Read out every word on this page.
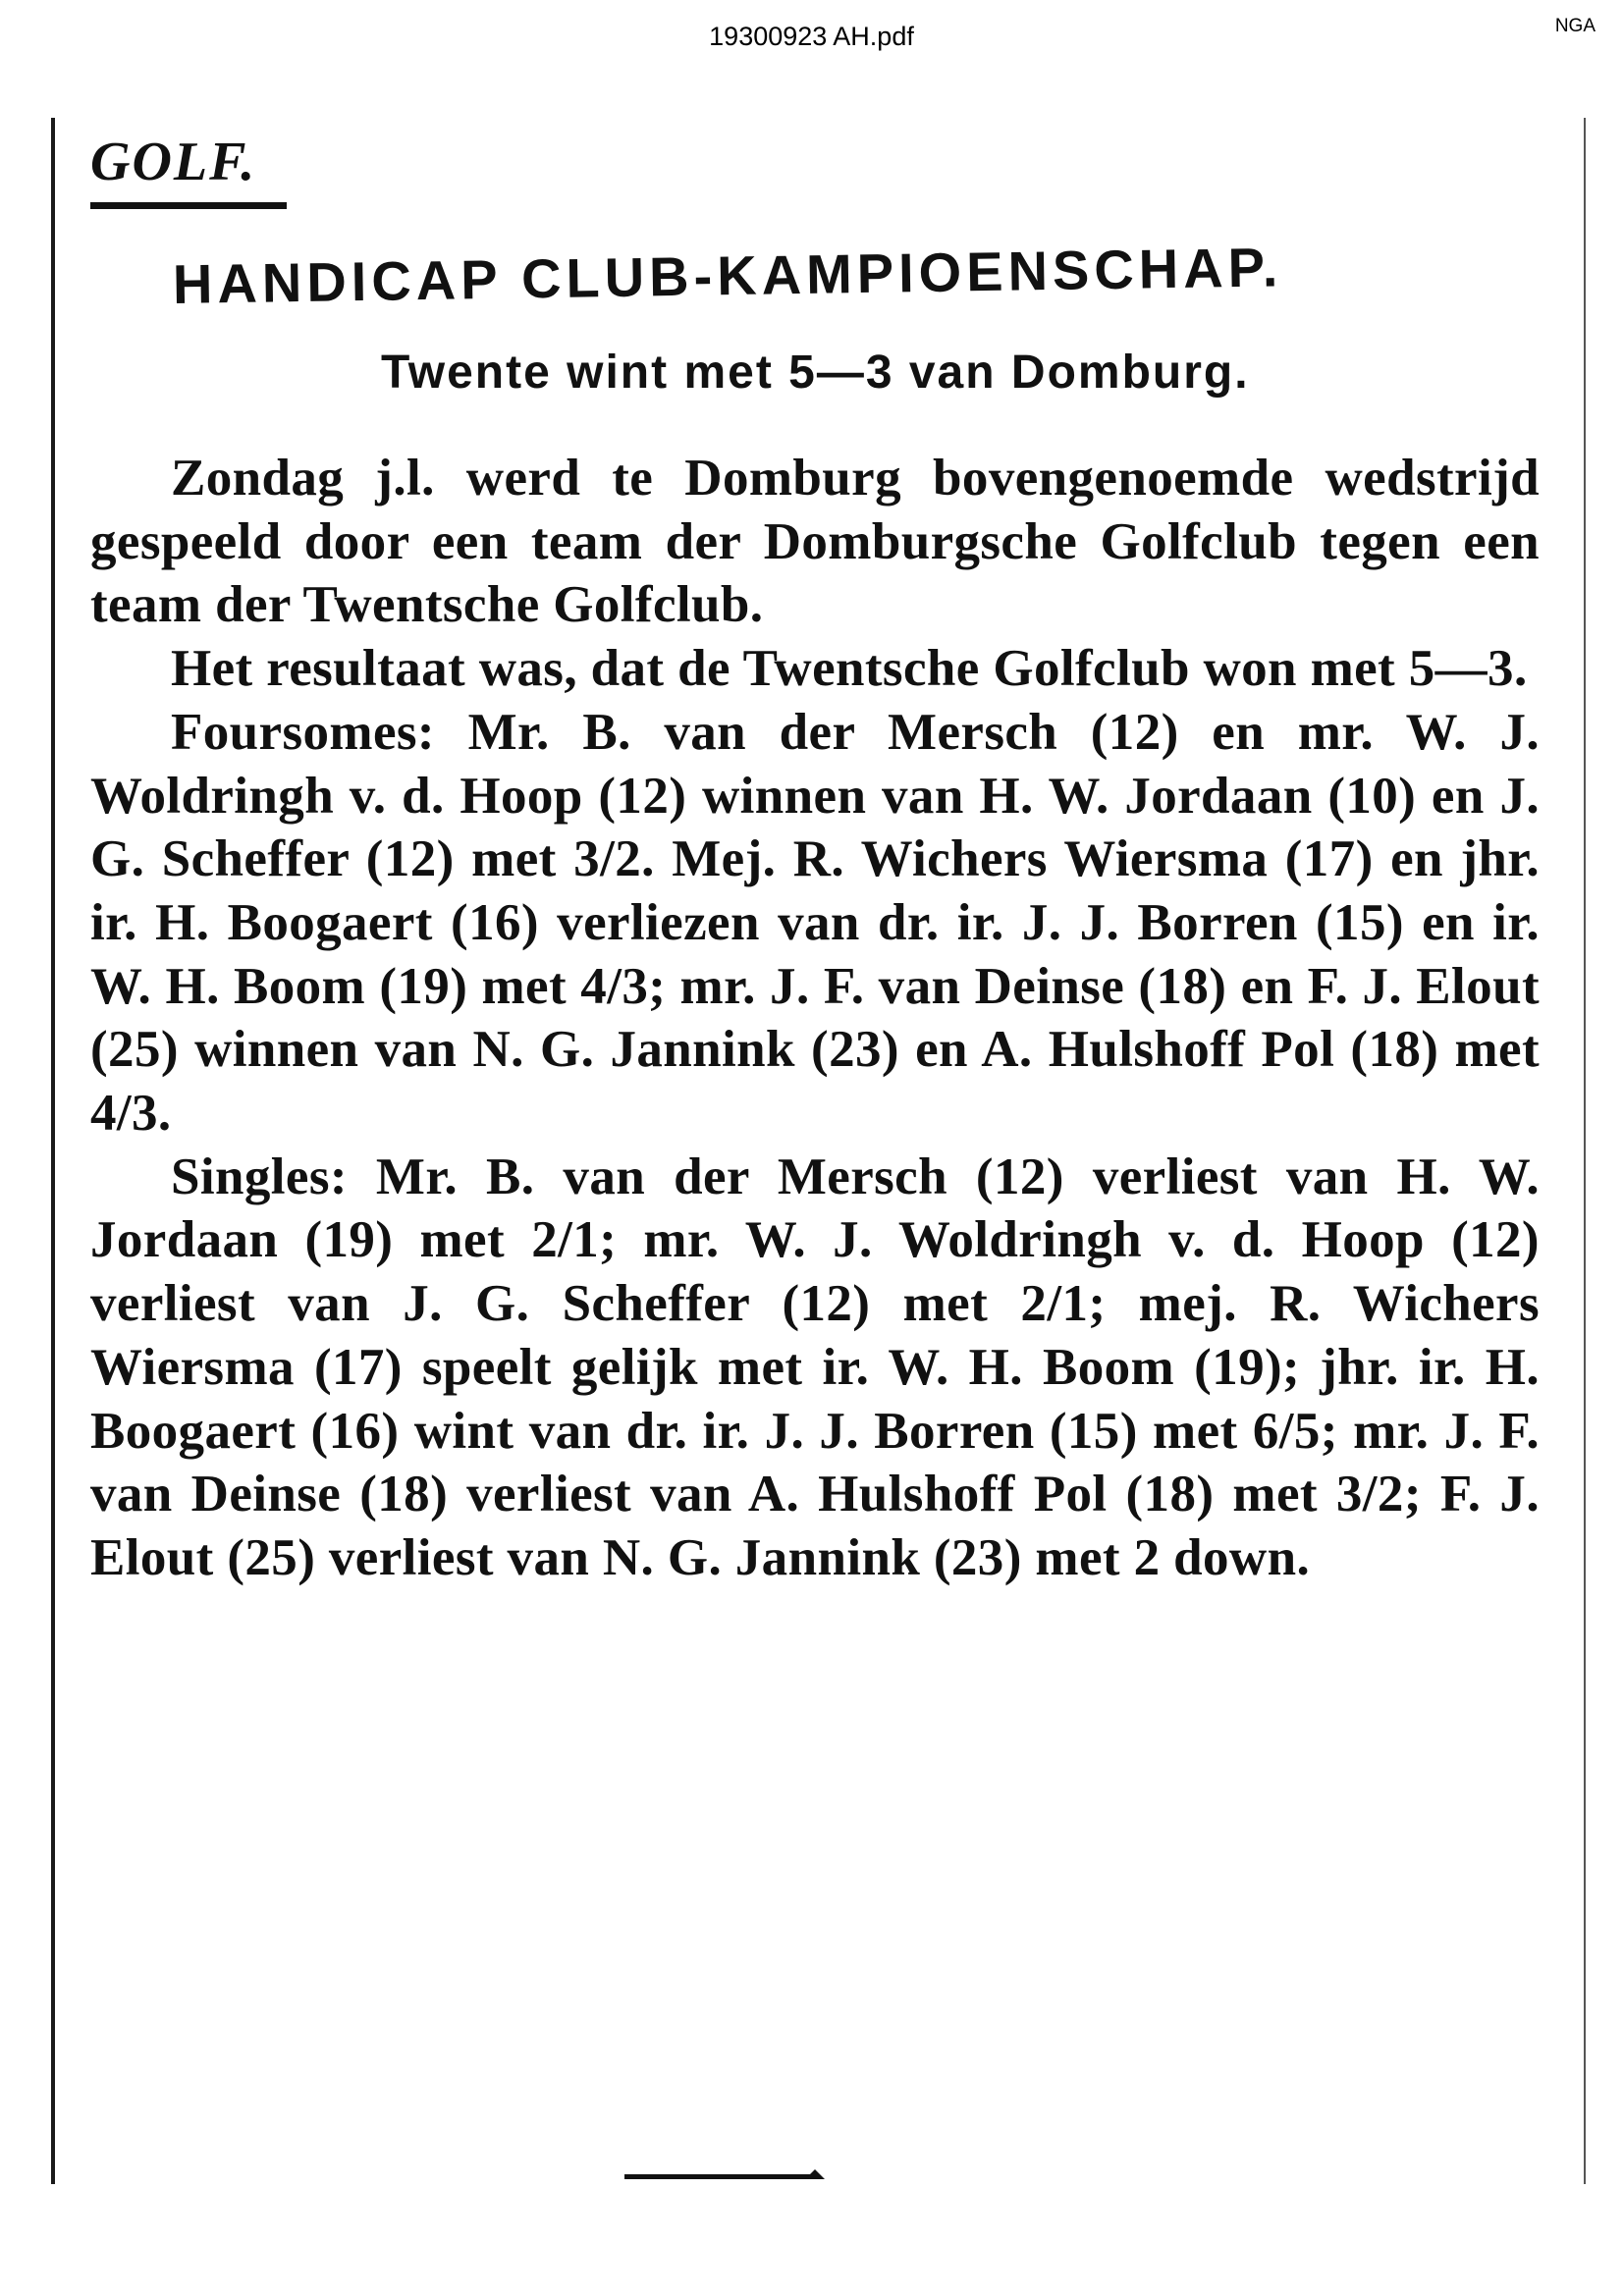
19300923 AH.pdf	NGA
GOLF.
HANDICAP CLUB-KAMPIOENSCHAP.
Twente wint met 5—3 van Domburg.

Zondag j.l. werd te Domburg bovengenoemde wedstrijd gespeeld door een team der Domburgsche Golfclub tegen een team der Twentsche Golfclub.

Het resultaat was, dat de Twentsche Golfclub won met 5—3.

Foursomes: Mr. B. van der Mersch (12) en mr. W. J. Woldringh v. d. Hoop (12) winnen van H. W. Jordaan (10) en J. G. Scheffer (12) met 3/2. Mej. R. Wichers Wiersma (17) en jhr. ir. H. Boogaert (16) verliezen van dr. ir. J. J. Borren (15) en ir. W. H. Boom (19) met 4/3; mr. J. F. van Deinse (18) en F. J. Elout (25) winnen van N. G. Jannink (23) en A. Hulshoff Pol (18) met 4/3.

Singles: Mr. B. van der Mersch (12) verliest van H. W. Jordaan (19) met 2/1; mr. W. J. Woldringh v. d. Hoop (12) verliest van J. G. Scheffer (12) met 2/1; mej. R. Wichers Wiersma (17) speelt gelijk met ir. W. H. Boom (19); jhr. ir. H. Boogaert (16) wint van dr. ir. J. J. Borren (15) met 6/5; mr. J. F. van Deinse (18) verliest van A. Hulshoff Pol (18) met 3/2; F. J. Elout (25) verliest van N. G. Jannink (23) met 2 down.
